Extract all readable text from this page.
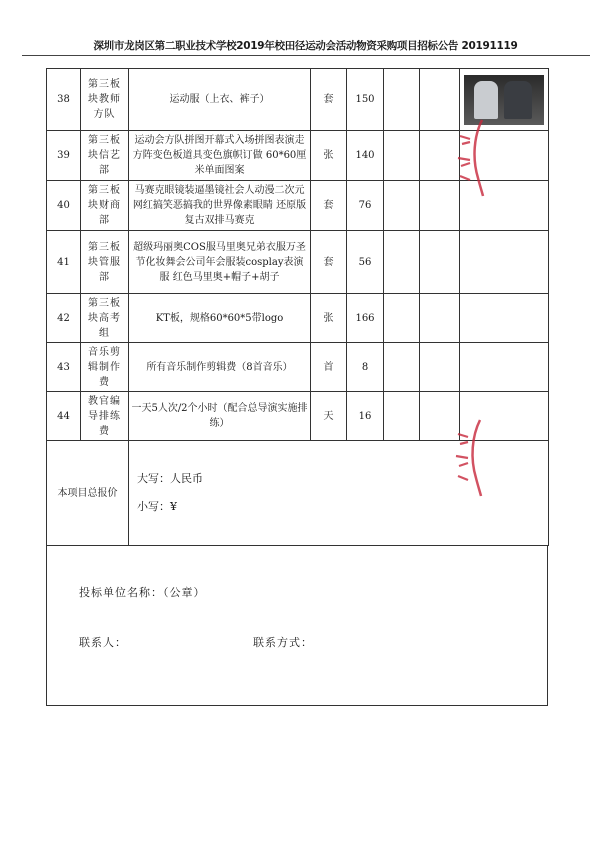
深圳市龙岗区第二职业技术学校2019年校田径运动会活动物资采购项目招标公告 20191119
38	第三板块教师方队	运动服（上衣、裤子）	套	150			

39	第三板块信艺部	运动会方队拼图开幕式入场拼图表演走方阵变色板道具变色旗帜订做 60*60厘米单面图案	张	140			
40	第三板块财商部	马赛克眼镜装逼墨镜社会人动漫二次元网红搞笑恶搞我的世界像素眼睛 还原版复古双排马赛克	套	76			
41	第三板块管服部	超级玛丽奥COS服马里奥兄弟衣服万圣节化妆舞会公司年会服装cosplay表演服 红色马里奥+帽子+胡子	套	56			
42	第三板块高考组	KT板，规格60*60*5带logo	张	166			
43	音乐剪辑制作费	所有音乐制作剪辑费（8首音乐）	首	8			
44	教官编导排练费	一天5人次/2个小时（配合总导演实施排练）	天	16			
本项目总报价		大写：人民币
小写：¥					
投标单位名称：（公章）
联系人：	联系方式：
